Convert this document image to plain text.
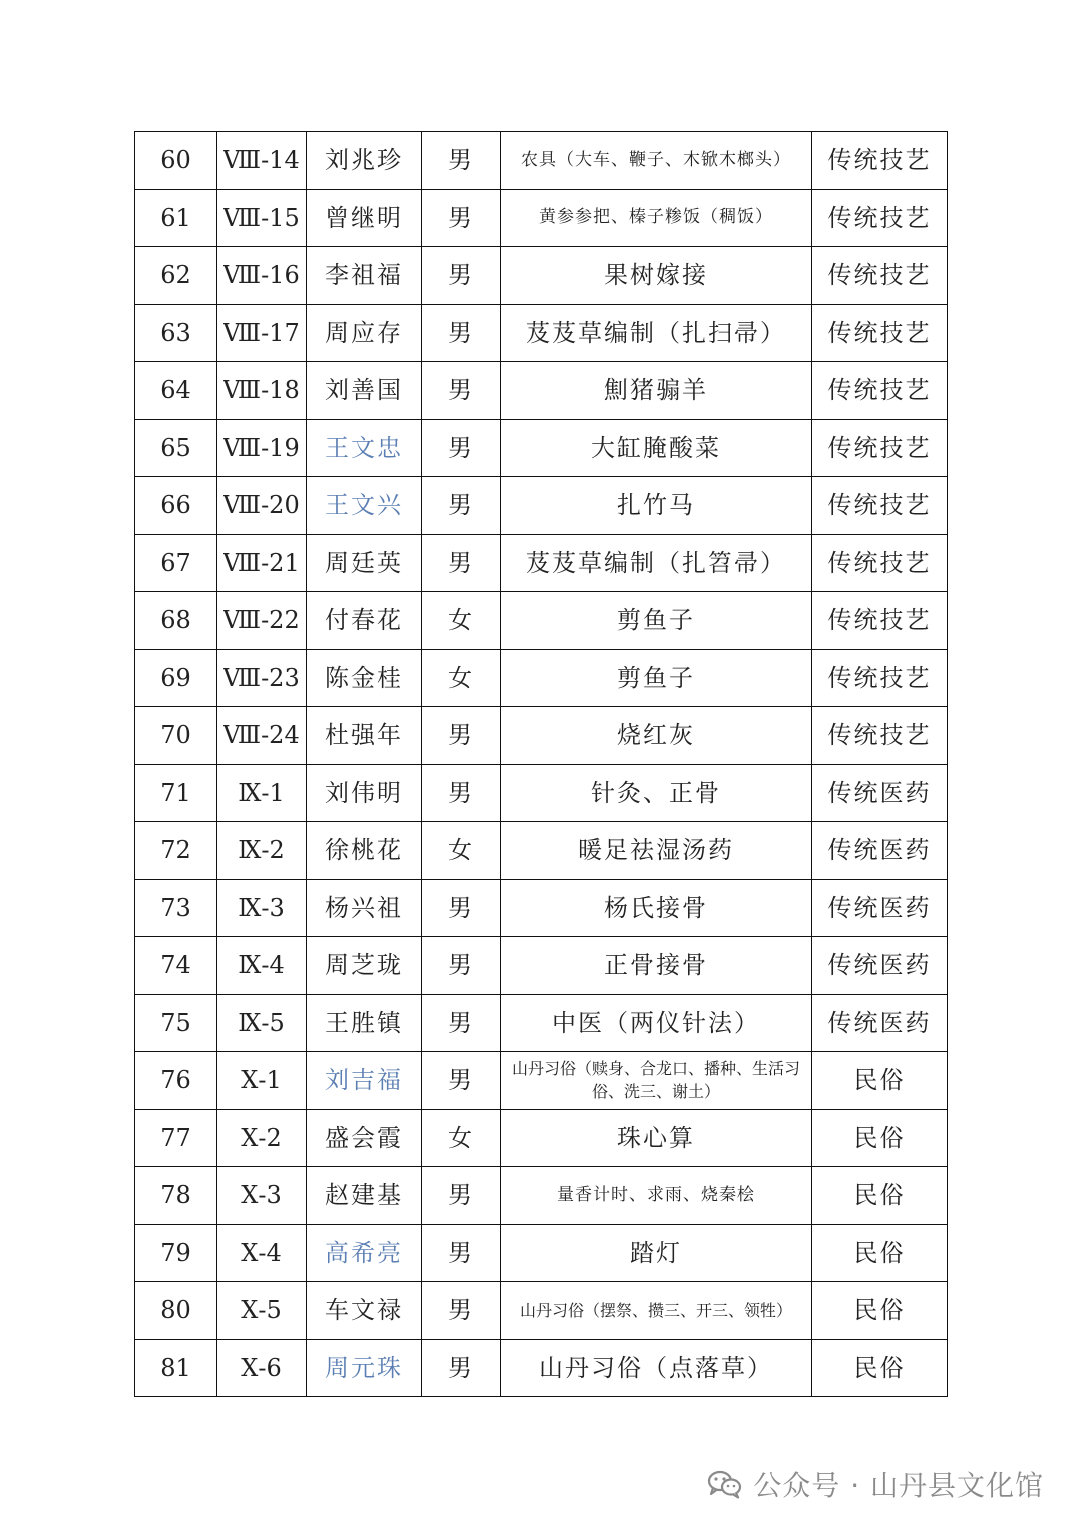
60	Ⅷ-14	刘兆珍	男	农具（大车、鞭子、木锨木榔头）	传统技艺
61	Ⅷ-15	曾继明	男	黄参参把、榛子糁饭（稠饭）	传统技艺
62	Ⅷ-16	李祖福	男	果树嫁接	传统技艺
63	Ⅷ-17	周应存	男	芨芨草编制（扎扫帚）	传统技艺
64	Ⅷ-18	刘善国	男	劁猪骟羊	传统技艺
65	Ⅷ-19	王文忠	男	大缸腌酸菜	传统技艺
66	Ⅷ-20	王文兴	男	扎竹马	传统技艺
67	Ⅷ-21	周廷英	男	芨芨草编制（扎笤帚）	传统技艺
68	Ⅷ-22	付春花	女	剪鱼子	传统技艺
69	Ⅷ-23	陈金桂	女	剪鱼子	传统技艺
70	Ⅷ-24	杜强年	男	烧红灰	传统技艺
71	Ⅸ-1	刘伟明	男	针灸、正骨	传统医药
72	Ⅸ-2	徐桃花	女	暖足祛湿汤药	传统医药
73	Ⅸ-3	杨兴祖	男	杨氏接骨	传统医药
74	Ⅸ-4	周芝珑	男	正骨接骨	传统医药
75	Ⅸ-5	王胜镇	男	中医（两仪针法）	传统医药
76	Ⅹ-1	刘吉福	男	山丹习俗（赎身、合龙口、播种、生活习俗、洗三、谢土）	民俗
77	Ⅹ-2	盛会霞	女	珠心算	民俗
78	Ⅹ-3	赵建基	男	量香计时、求雨、烧秦桧	民俗
79	Ⅹ-4	高希亮	男	踏灯	民俗
80	Ⅹ-5	车文禄	男	山丹习俗（摆祭、攒三、开三、领牲）	民俗
81	Ⅹ-6	周元珠	男	山丹习俗（点落草）	民俗
公众号 · 山丹县文化馆
